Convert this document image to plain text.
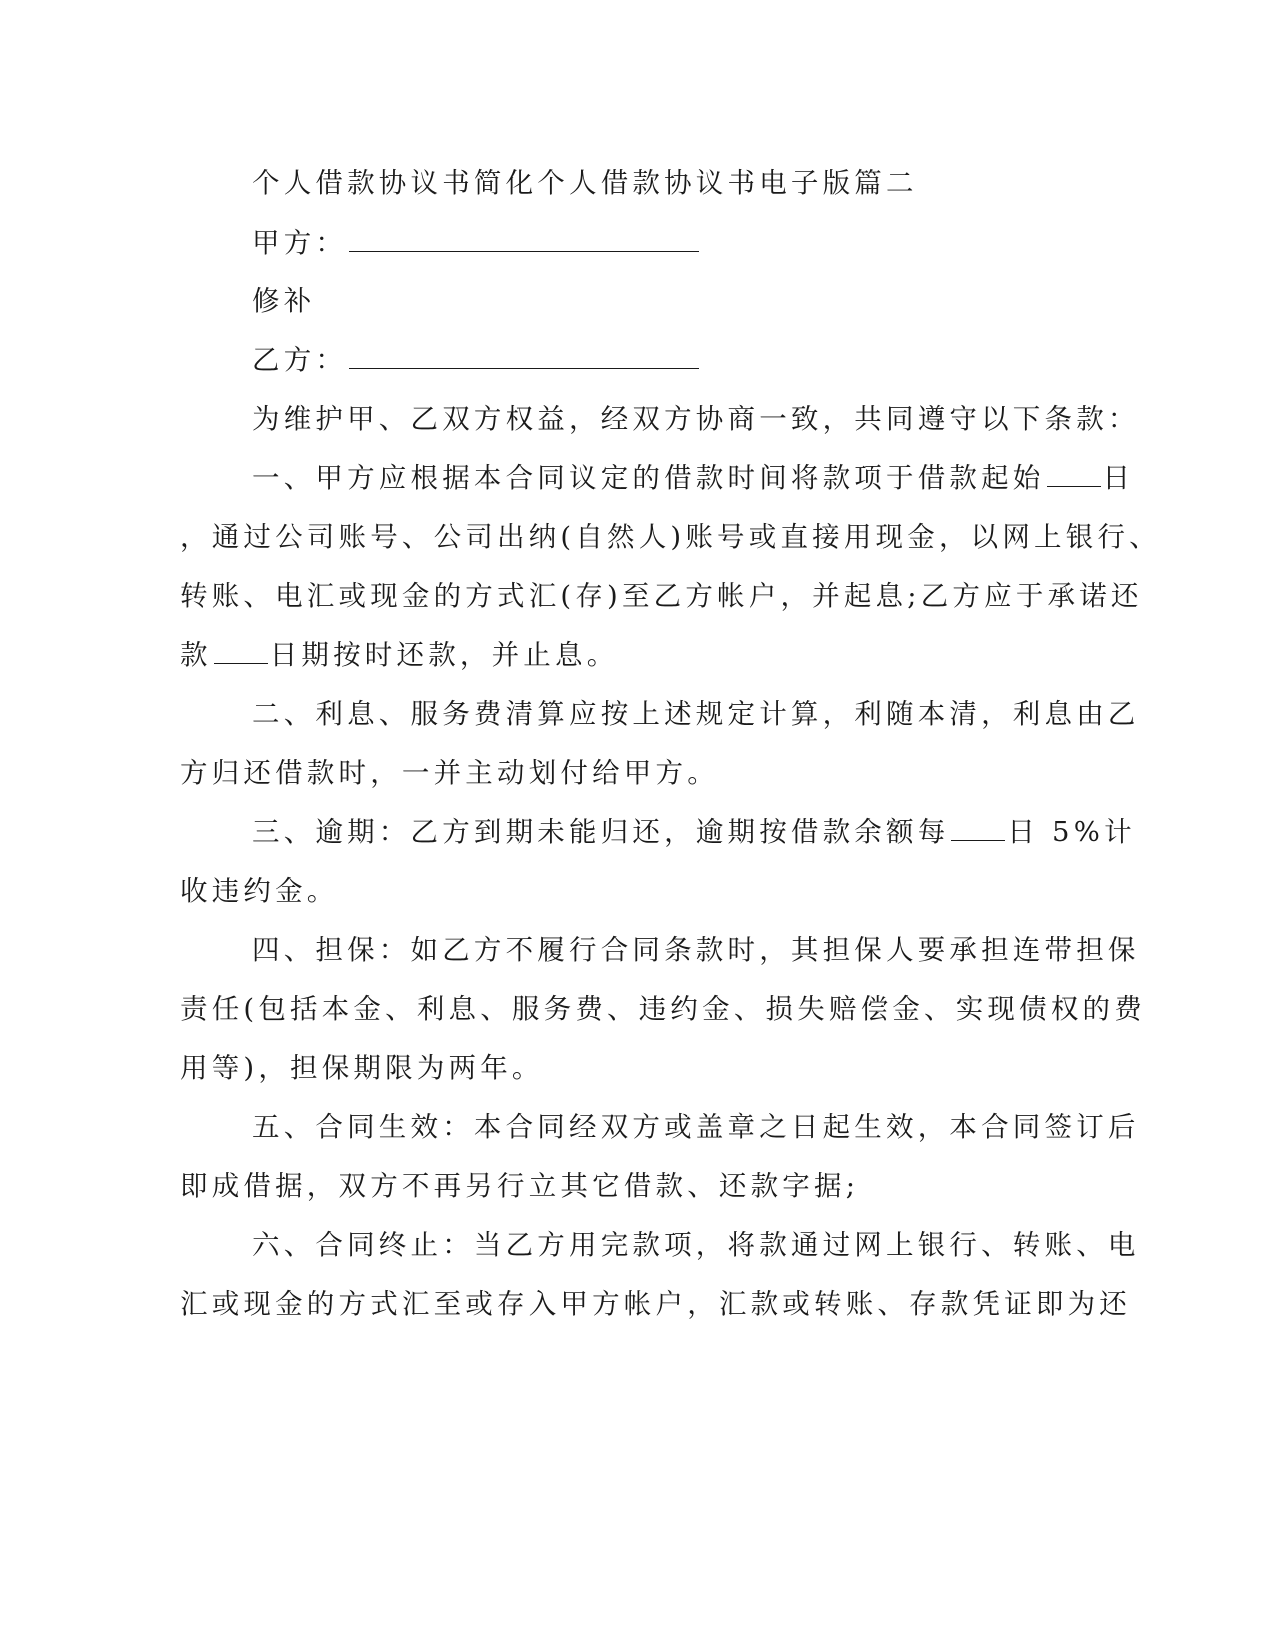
个人借款协议书简化个人借款协议书电子版篇二
甲方：
修补
乙方：
为维护甲、乙双方权益，经双方协商一致，共同遵守以下条款：
一、甲方应根据本合同议定的借款时间将款项于借款起始 日
，通过公司账号、公司出纳(自然人)账号或直接用现金，以网上银行、
转账、电汇或现金的方式汇(存)至乙方帐户，并起息;乙方应于承诺还
款 日期按时还款，并止息。
二、利息、服务费清算应按上述规定计算，利随本清，利息由乙
方归还借款时，一并主动划付给甲方。
三、逾期：乙方到期未能归还，逾期按借款余额每 日 5%计
收违约金。
四、担保：如乙方不履行合同条款时，其担保人要承担连带担保
责任(包括本金、利息、服务费、违约金、损失赔偿金、实现债权的费
用等)，担保期限为两年。
五、合同生效：本合同经双方或盖章之日起生效，本合同签订后
即成借据，双方不再另行立其它借款、还款字据;
六、合同终止：当乙方用完款项，将款通过网上银行、转账、电
汇或现金的方式汇至或存入甲方帐户，汇款或转账、存款凭证即为还
